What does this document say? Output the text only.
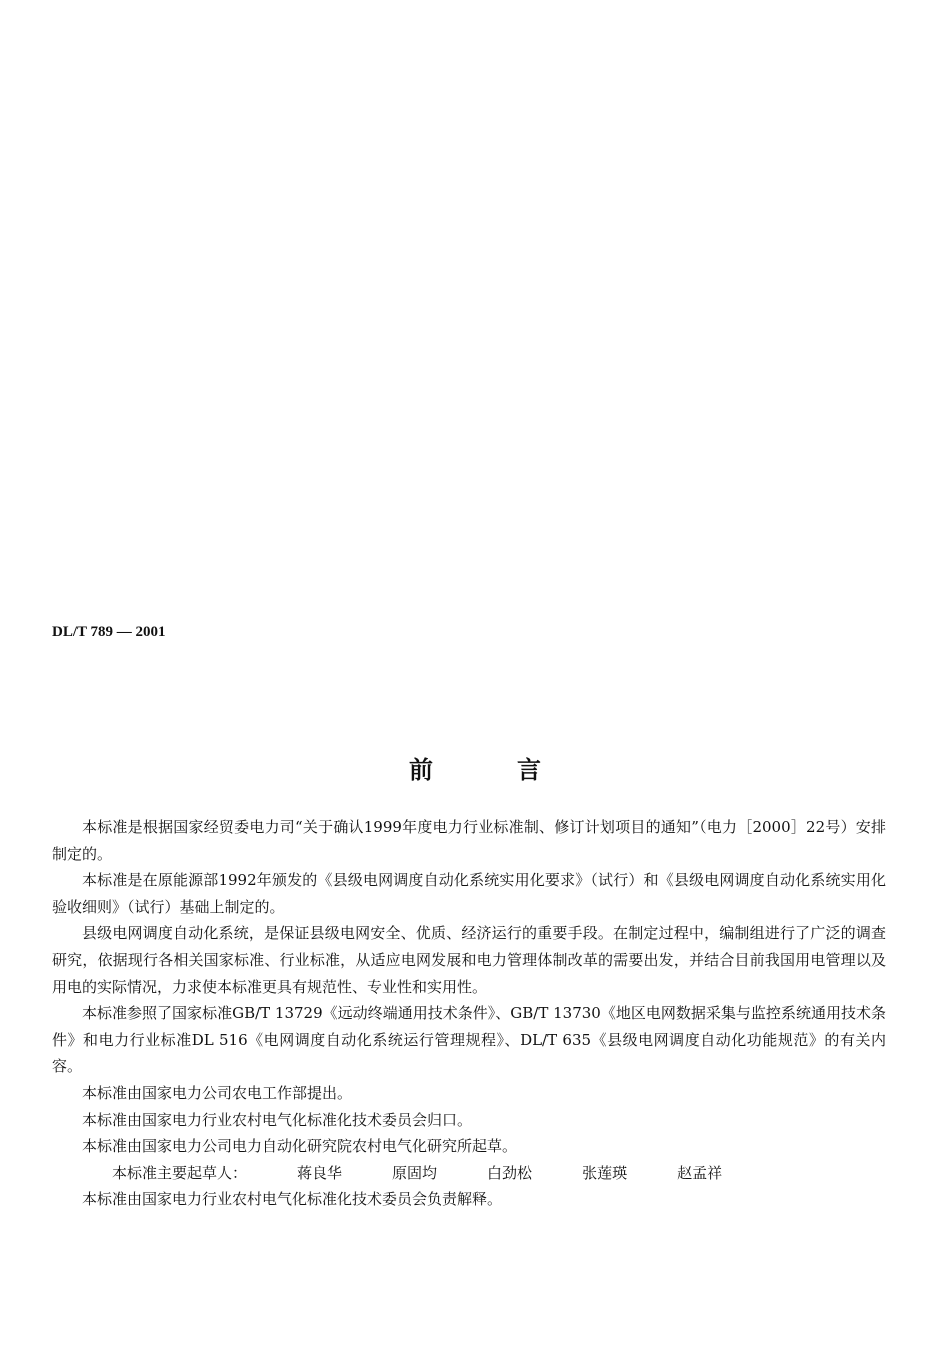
DL/T 789 — 2001
前	言

本标准是根据国家经贸委电力司“关于确认1999年度电力行业标准制、修订计划项目的通知”（电力［2000］22号）安排制定的。

本标准是在原能源部1992年颁发的《县级电网调度自动化系统实用化要求》（试行）和《县级电网调度自动化系统实用化验收细则》（试行）基础上制定的。

县级电网调度自动化系统，是保证县级电网安全、优质、经济运行的重要手段。在制定过程中，编制组进行了广泛的调查研究，依据现行各相关国家标准、行业标准，从适应电网发展和电力管理体制改革的需要出发，并结合目前我国用电管理以及用电的实际情况，力求使本标准更具有规范性、专业性和实用性。

本标准参照了国家标准GB/T 13729《远动终端通用技术条件》、GB/T 13730《地区电网数据采集与监控系统通用技术条件》和电力行业标准DL 516《电网调度自动化系统运行管理规程》、DL/T 635《县级电网调度自动化功能规范》的有关内容。

本标准由国家电力公司农电工作部提出。

本标准由国家电力行业农村电气化标准化技术委员会归口。

本标准由国家电力公司电力自动化研究院农村电气化研究所起草。

本标准主要起草人：	蒋良华	原固均	白劲松	张莲瑛	赵孟祥

本标准由国家电力行业农村电气化标准化技术委员会负责解释。
